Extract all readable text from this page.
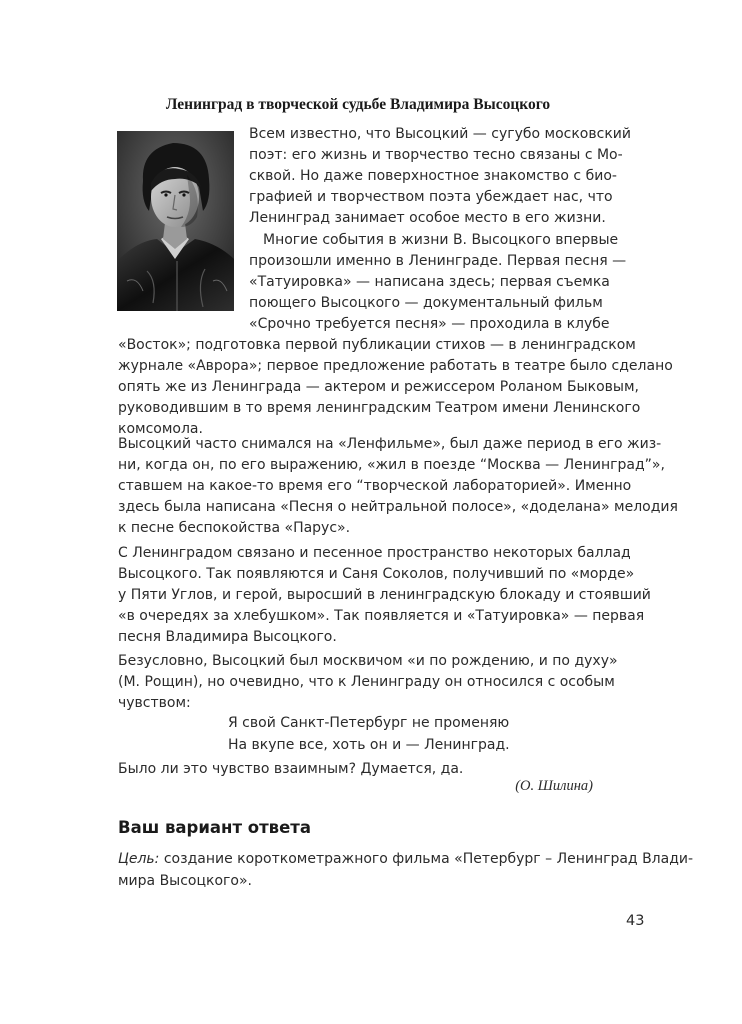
Ленинград в творческой судьбе Владимира Высоцкого
Всем известно, что Высоцкий — сугубо московский
поэт: его жизнь и творчество тесно связаны с Мо-
сквой. Но даже поверхностное знакомство с био-
графией и творчеством поэта убеждает нас, что
Ленинград занимает особое место в его жизни.
Многие события в жизни В. Высоцкого впервые
произошли именно в Ленинграде. Первая песня —
«Татуировка» — написана здесь; первая съемка
поющего Высоцкого — документальный фильм
«Срочно требуется песня» — проходила в клубе
«Восток»; подготовка первой публикации стихов — в ленинградском
журнале «Аврора»; первое предложение работать в театре было сделано
опять же из Ленинграда — актером и режиссером Роланом Быковым,
руководившим в то время ленинградским Театром имени Ленинского
комсомола.
Высоцкий часто снимался на «Ленфильме», был даже период в его жиз-
ни, когда он, по его выражению, «жил в поезде “Москва — Ленинград”»,
ставшем на какое-то время его “творческой лабораторией». Именно
здесь была написана «Песня о нейтральной полосе», «доделана» мелодия
к песне беспокойства «Парус».
С Ленинградом связано и песенное пространство некоторых баллад
Высоцкого. Так появляются и Саня Соколов, получивший по «морде»
у Пяти Углов, и герой, выросший в ленинградскую блокаду и стоявший
«в очередях за хлебушком». Так появляется и «Татуировка» — первая
песня Владимира Высоцкого.
Безусловно, Высоцкий был москвичом «и по рождению, и по духу»
(М. Рощин), но очевидно, что к Ленинграду он относился с особым
чувством:
Я свой Санкт-Петербург не променяю
На вкупе все, хоть он и — Ленинград.
Было ли это чувство взаимным? Думается, да.
(О. Шилина)
Ваш вариант ответа
Цель: создание короткометражного фильма «Петербург – Ленинград Влади-
мира Высоцкого».
43
